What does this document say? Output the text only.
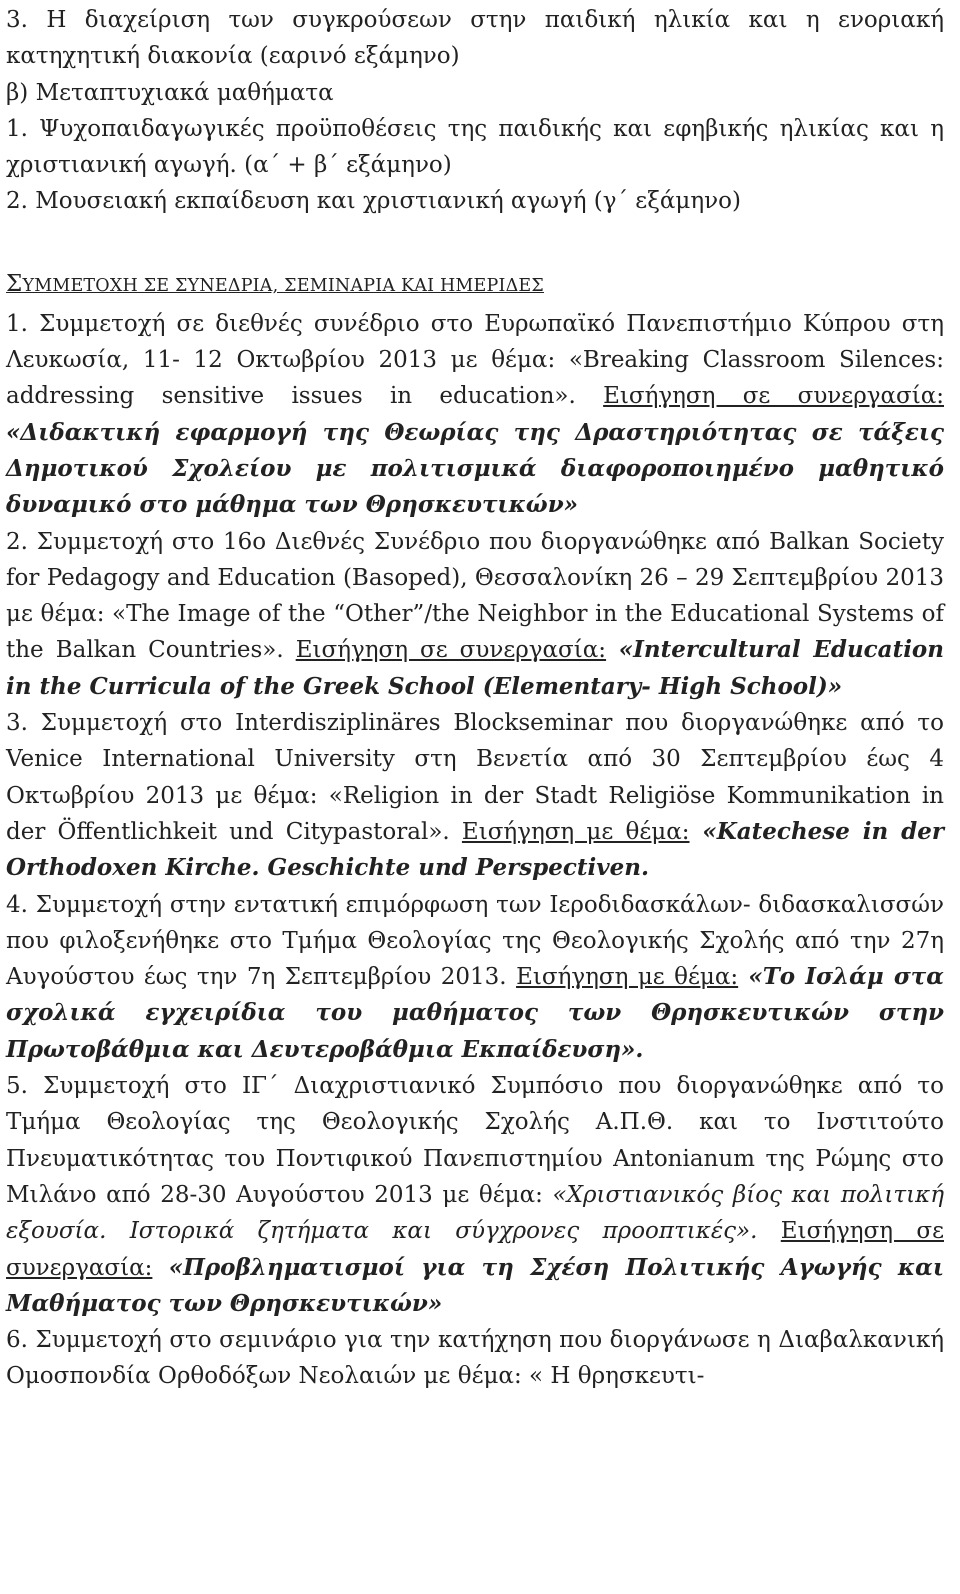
3. Η διαχείριση των συγκρούσεων στην παιδική ηλικία και η ενοριακή κατηχητική διακονία (εαρινό εξάμηνο)

β) Μεταπτυχιακά μαθήματα

1. Ψυχοπαιδαγωγικές προϋποθέσεις της παιδικής και εφηβικής ηλικίας και η χριστιανική αγωγή. (α΄ + β΄ εξάμηνο)

2. Μουσειακή εκπαίδευση και χριστιανική αγωγή (γ΄ εξάμηνο)

ΣΥΜΜΕΤΟΧΗ ΣΕ ΣΥΝΕΔΡΙΑ, ΣΕΜΙΝΑΡΙΑ ΚΑΙ ΗΜΕΡΙΔΕΣ

1. Συμμετοχή σε διεθνές συνέδριο στο Ευρωπαϊκό Πανεπιστήμιο Κύπρου στη Λευκωσία, 11- 12 Οκτωβρίου 2013 με θέμα: «Breaking Classroom Silences: addressing sensitive issues in education». Εισήγηση σε συνεργασία: «Διδακτική εφαρμογή της Θεωρίας της Δραστηριότητας σε τάξεις Δημοτικού Σχολείου με πολιτισμικά διαφοροποιημένο μαθητικό δυναμικό στο μάθημα των Θρησκευτικών»

2. Συμμετοχή στο 16ο Διεθνές Συνέδριο που διοργανώθηκε από Balkan Society for Pedagogy and Education (Basoped), Θεσσαλονίκη 26 – 29 Σεπτεμβρίου 2013 με θέμα: «The Image of the “Other”/the Neighbor in the Educational Systems of the Balkan Countries». Εισήγηση σε συνεργασία: «Intercultural Education in the Curricula of the Greek School (Elementary- High School)»

3. Συμμετοχή στο Interdisziplinäres Blockseminar που διοργανώθηκε από το Venice International University στη Βενετία από 30 Σεπτεμβρίου έως 4 Οκτωβρίου 2013 με θέμα: «Religion in der Stadt Religiöse Kommunikation in der Öffentlichkeit und Citypastoral». Εισήγηση με θέμα: «Katechese in der Orthodoxen Kirche. Geschichte und Perspectiven.

4. Συμμετοχή στην εντατική επιμόρφωση των Ιεροδιδασκάλων- διδασκαλισσών που φιλοξενήθηκε στο Τμήμα Θεολογίας της Θεολογικής Σχολής από την 27η Αυγούστου έως την 7η Σεπτεμβρίου 2013. Εισήγηση με θέμα: «Το Ισλάμ στα σχολικά εγχειρίδια του μαθήματος των Θρησκευτικών στην Πρωτοβάθμια και Δευτεροβάθμια Εκπαίδευση».

5. Συμμετοχή στο ΙΓ΄ Διαχριστιανικό Συμπόσιο που διοργανώθηκε από το Τμήμα Θεολογίας της Θεολογικής Σχολής Α.Π.Θ. και το Ινστιτούτο Πνευματικότητας του Ποντιφικού Πανεπιστημίου Antonianum της Ρώμης στο Μιλάνο από 28-30 Αυγούστου 2013 με θέμα: «Χριστιανικός βίος και πολιτική εξουσία. Ιστορικά ζητήματα και σύγχρονες προοπτικές». Εισήγηση σε συνεργασία: «Προβληματισμοί για τη Σχέση Πολιτικής Αγωγής και Μαθήματος των Θρησκευτικών»

6. Συμμετοχή στο σεμινάριο για την κατήχηση που διοργάνωσε η Διαβαλκανική Ομοσπονδία Ορθοδόξων Νεολαιών με θέμα: « Η θρησκευτι-
